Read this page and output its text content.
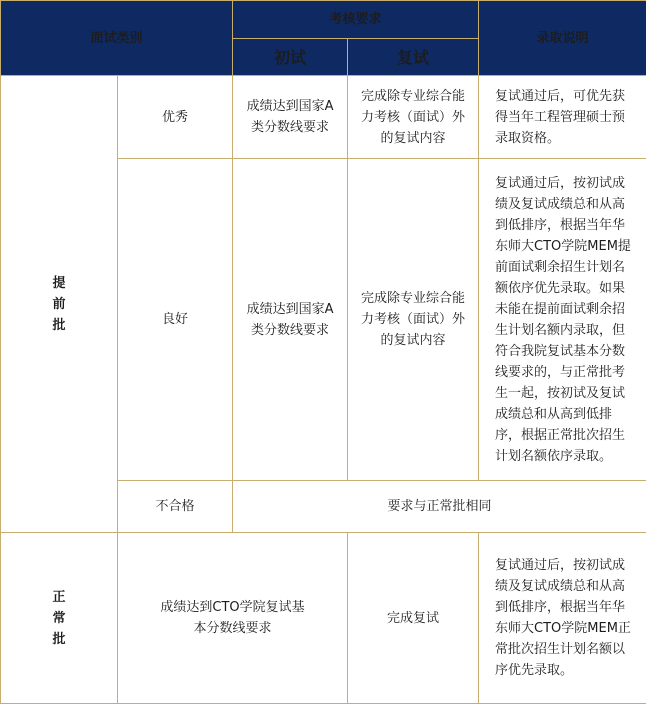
面试类别		考核要求		录取说明
		初试	复试	

提
前
批	优秀	成绩达到国家A类分数线要求	完成除专业综合能力考核（面试）外的复试内容	复试通过后，可优先获得当年工程管理硕士预录取资格。
	良好	成绩达到国家A类分数线要求	完成除专业综合能力考核（面试）外的复试内容	复试通过后，按初试成绩及复试成绩总和从高到低排序，根据当年华东师大CTO学院MEM提前面试剩余招生计划名额依序优先录取。如果未能在提前面试剩余招生计划名额内录取，但符合我院复试基本分数线要求的，与正常批考生一起，按初试及复试成绩总和从高到低排序，根据正常批次招生计划名额依序录取。
	不合格	要求与正常批相同		

正
常
批	成绩达到CTO学院复试基本分数线要求		完成复试	复试通过后，按初试成绩及复试成绩总和从高到低排序，根据当年华东师大CTO学院MEM正常批次招生计划名额以序优先录取。
